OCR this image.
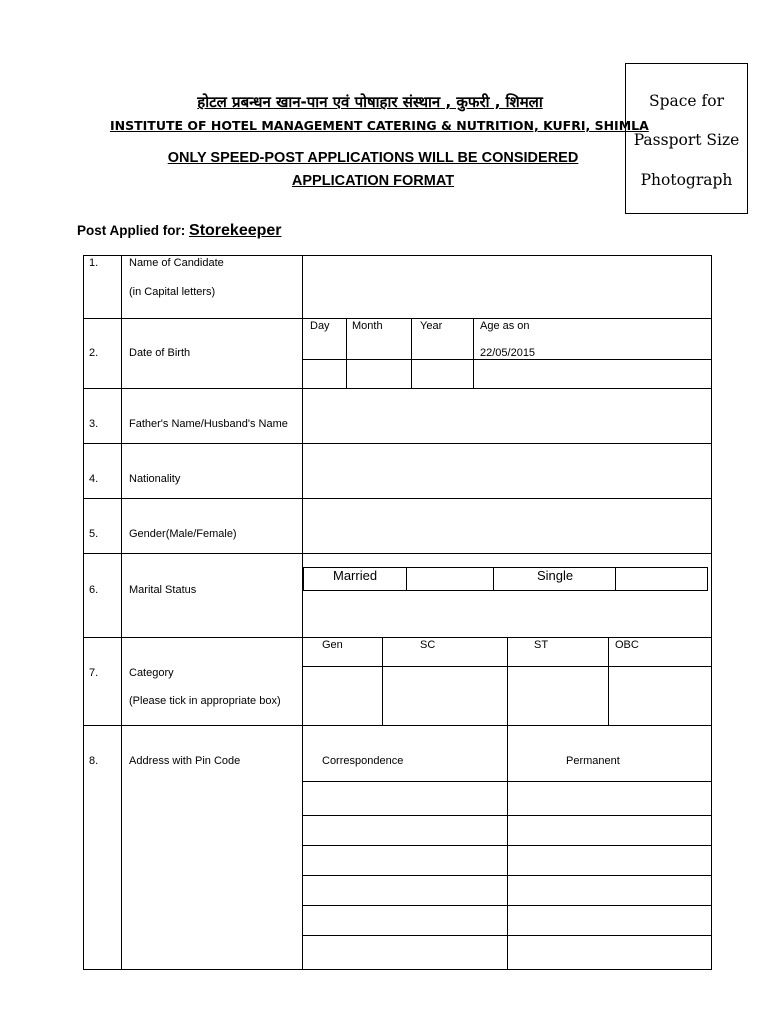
होटल प्रबन्धन खान-पान एवं पोषाहार संस्थान , कुफरी , शिमला
INSTITUTE OF HOTEL MANAGEMENT CATERING & NUTRITION, KUFRI, SHIMLA
ONLY SPEED-POST APPLICATIONS WILL BE CONSIDERED
APPLICATION FORMAT
Space for
Passport Size
Photograph
Post Applied for: Storekeeper
1.	Name of Candidate
(in Capital letters)
2.	Date of Birth
Day Month	Year	Age as on
22/05/2015
3.	Father's Name/Husband's Name
4.	Nationality
5.	Gender(Male/Female)
6.	Marital Status
Married	Single
7.	Category
(Please tick in appropriate box)
Gen	SC	ST	OBC
8.	Address with Pin Code	Correspondence	Permanent
